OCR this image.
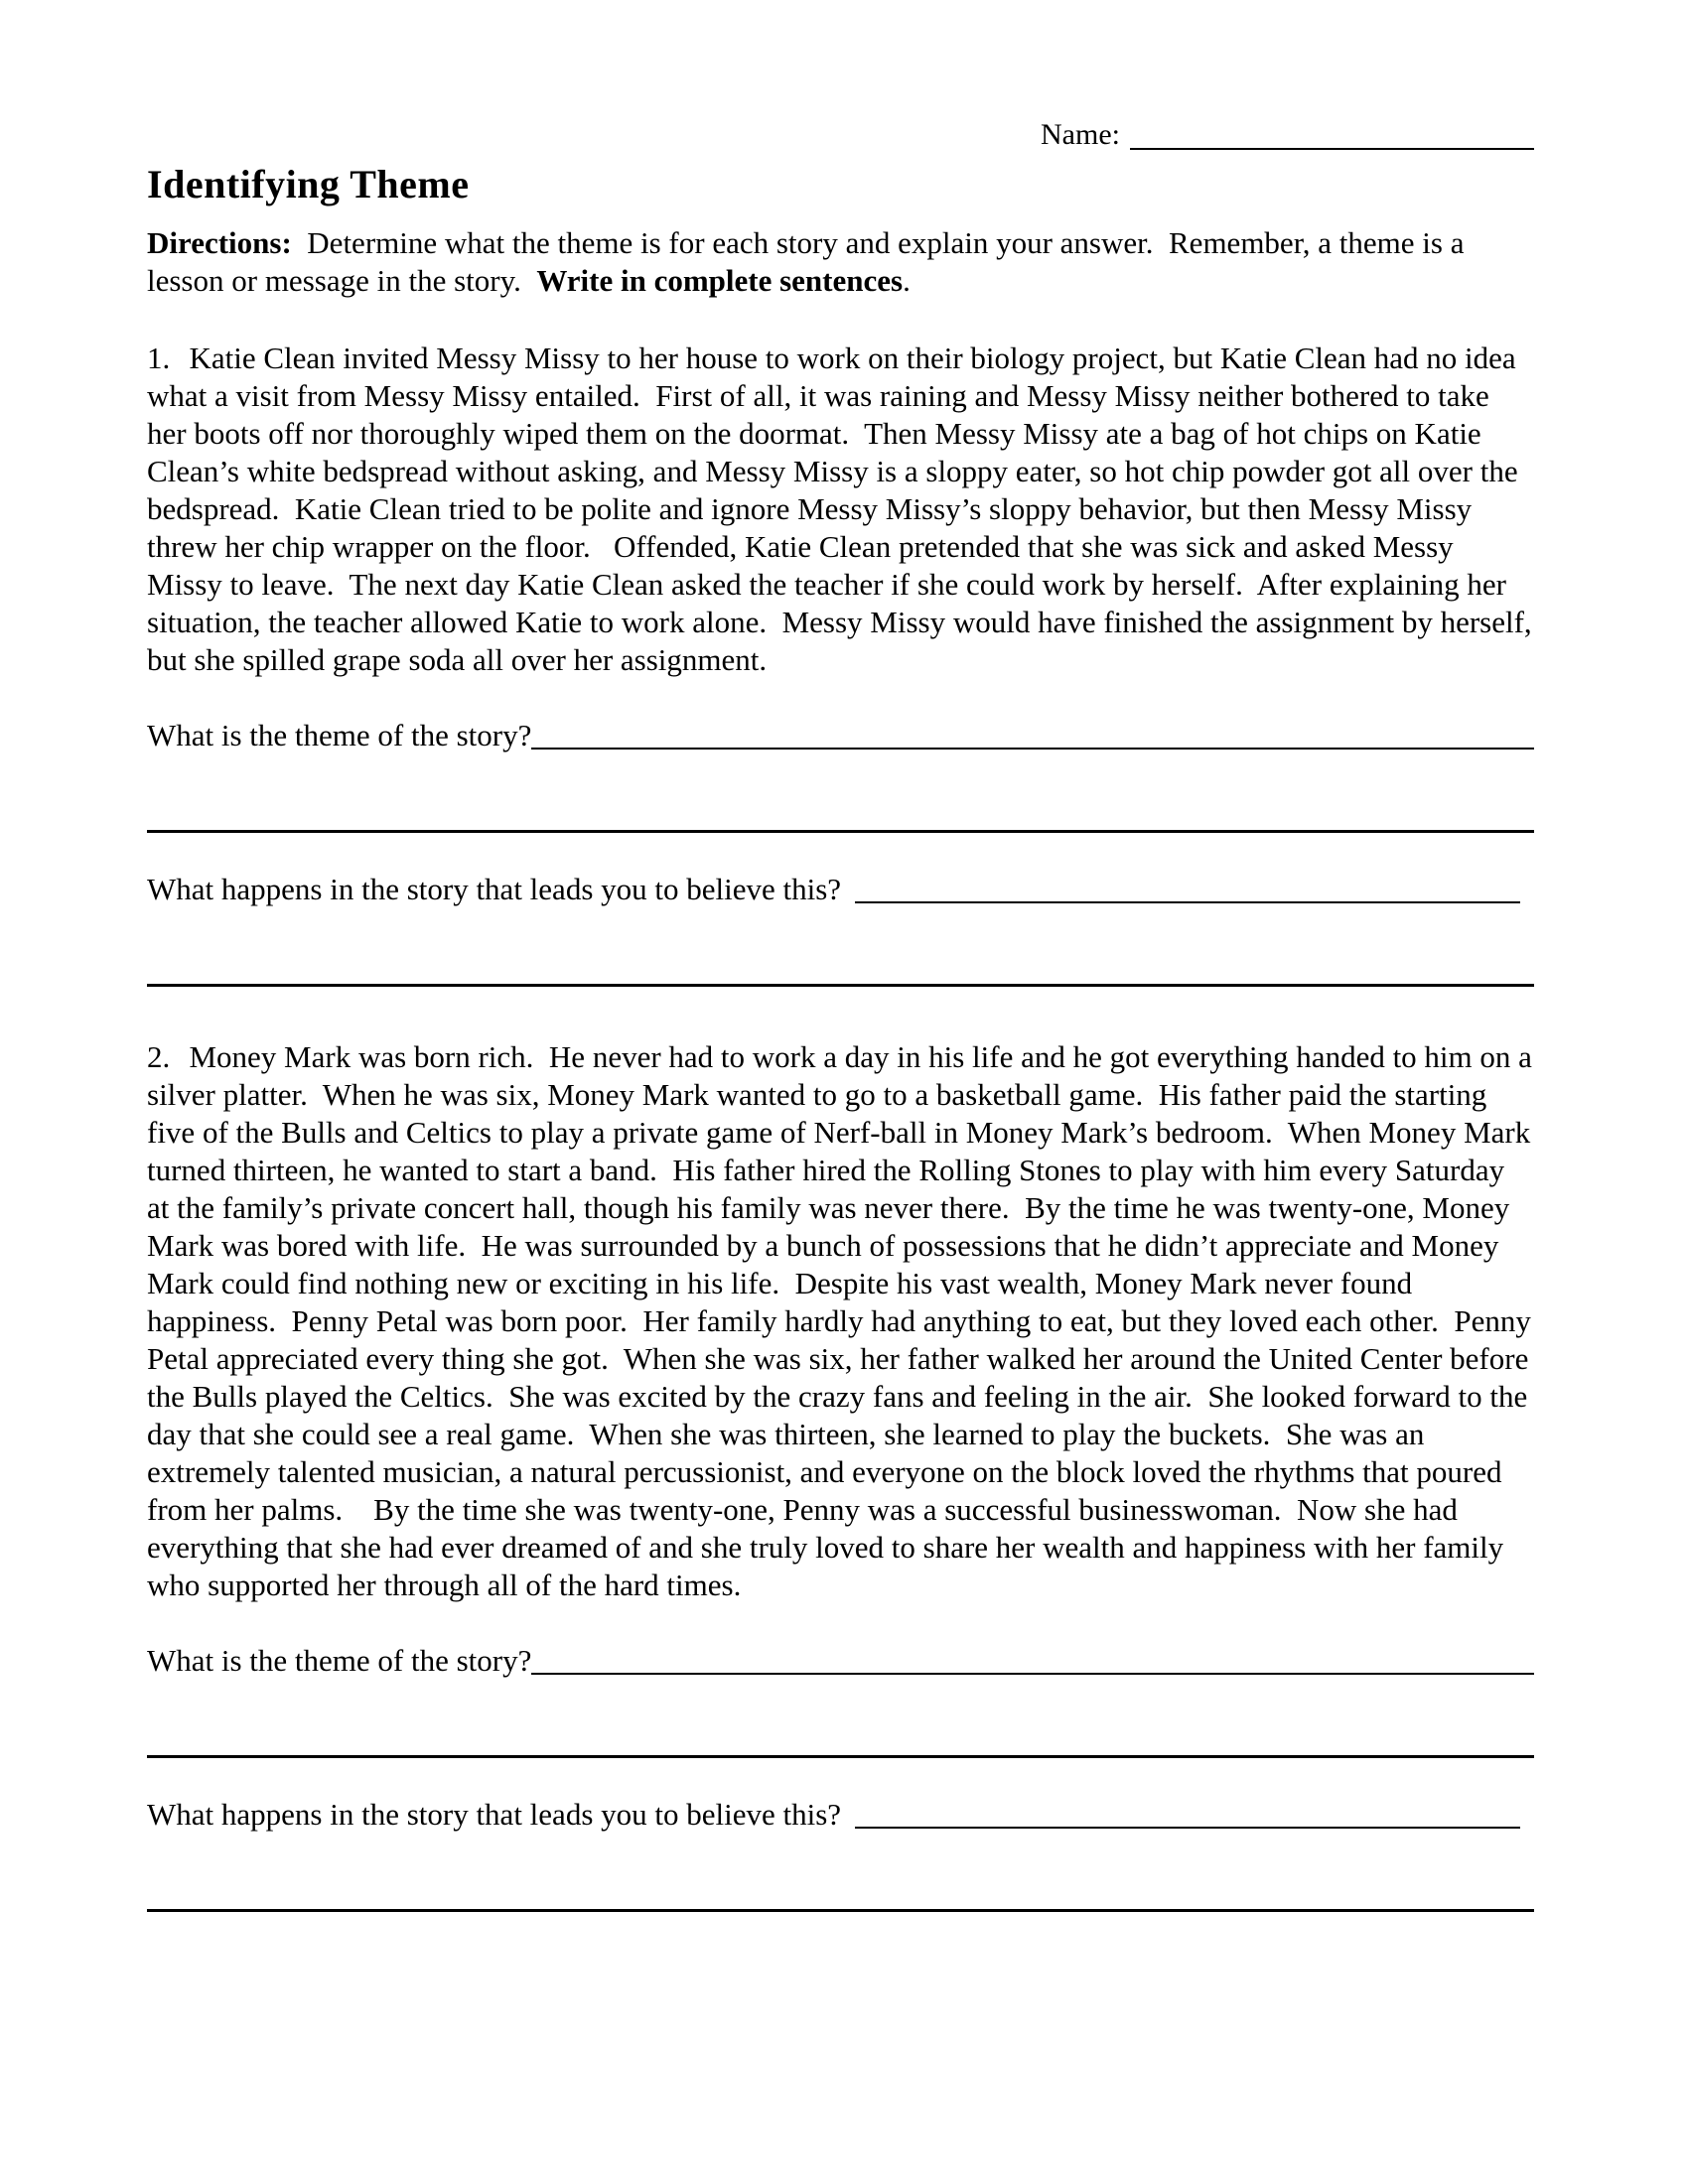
Name:
Identifying Theme

Directions:  Determine what the theme is for each story and explain your answer.  Remember, a theme is a lesson or message in the story.  Write in complete sentences.

1. Katie Clean invited Messy Missy to her house to work on their biology project, but Katie Clean had no idea what a visit from Messy Missy entailed.  First of all, it was raining and Messy Missy neither bothered to take her boots off nor thoroughly wiped them on the doormat.  Then Messy Missy ate a bag of hot chips on Katie Clean’s white bedspread without asking, and Messy Missy is a sloppy eater, so hot chip powder got all over the bedspread.  Katie Clean tried to be polite and ignore Messy Missy’s sloppy behavior, but then Messy Missy threw her chip wrapper on the floor.   Offended, Katie Clean pretended that she was sick and asked Messy Missy to leave.  The next day Katie Clean asked the teacher if she could work by herself.  After explaining her situation, the teacher allowed Katie to work alone.  Messy Missy would have finished the assignment by herself, but she spilled grape soda all over her assignment.

What is the theme of the story?
What happens in the story that leads you to believe this?

2. Money Mark was born rich.  He never had to work a day in his life and he got everything handed to him on a silver platter.  When he was six, Money Mark wanted to go to a basketball game.  His father paid the starting five of the Bulls and Celtics to play a private game of Nerf-ball in Money Mark’s bedroom.  When Money Mark turned thirteen, he wanted to start a band.  His father hired the Rolling Stones to play with him every Saturday at the family’s private concert hall, though his family was never there.  By the time he was twenty-one, Money Mark was bored with life.  He was surrounded by a bunch of possessions that he didn’t appreciate and Money Mark could find nothing new or exciting in his life.  Despite his vast wealth, Money Mark never found happiness.  Penny Petal was born poor.  Her family hardly had anything to eat, but they loved each other.  Penny Petal appreciated every thing she got.  When she was six, her father walked her around the United Center before the Bulls played the Celtics.  She was excited by the crazy fans and feeling in the air.  She looked forward to the day that she could see a real game.  When she was thirteen, she learned to play the buckets.  She was an extremely talented musician, a natural percussionist, and everyone on the block loved the rhythms that poured from her palms.    By the time she was twenty-one, Penny was a successful businesswoman.  Now she had everything that she had ever dreamed of and she truly loved to share her wealth and happiness with her family who supported her through all of the hard times.

What is the theme of the story?
What happens in the story that leads you to believe this?
